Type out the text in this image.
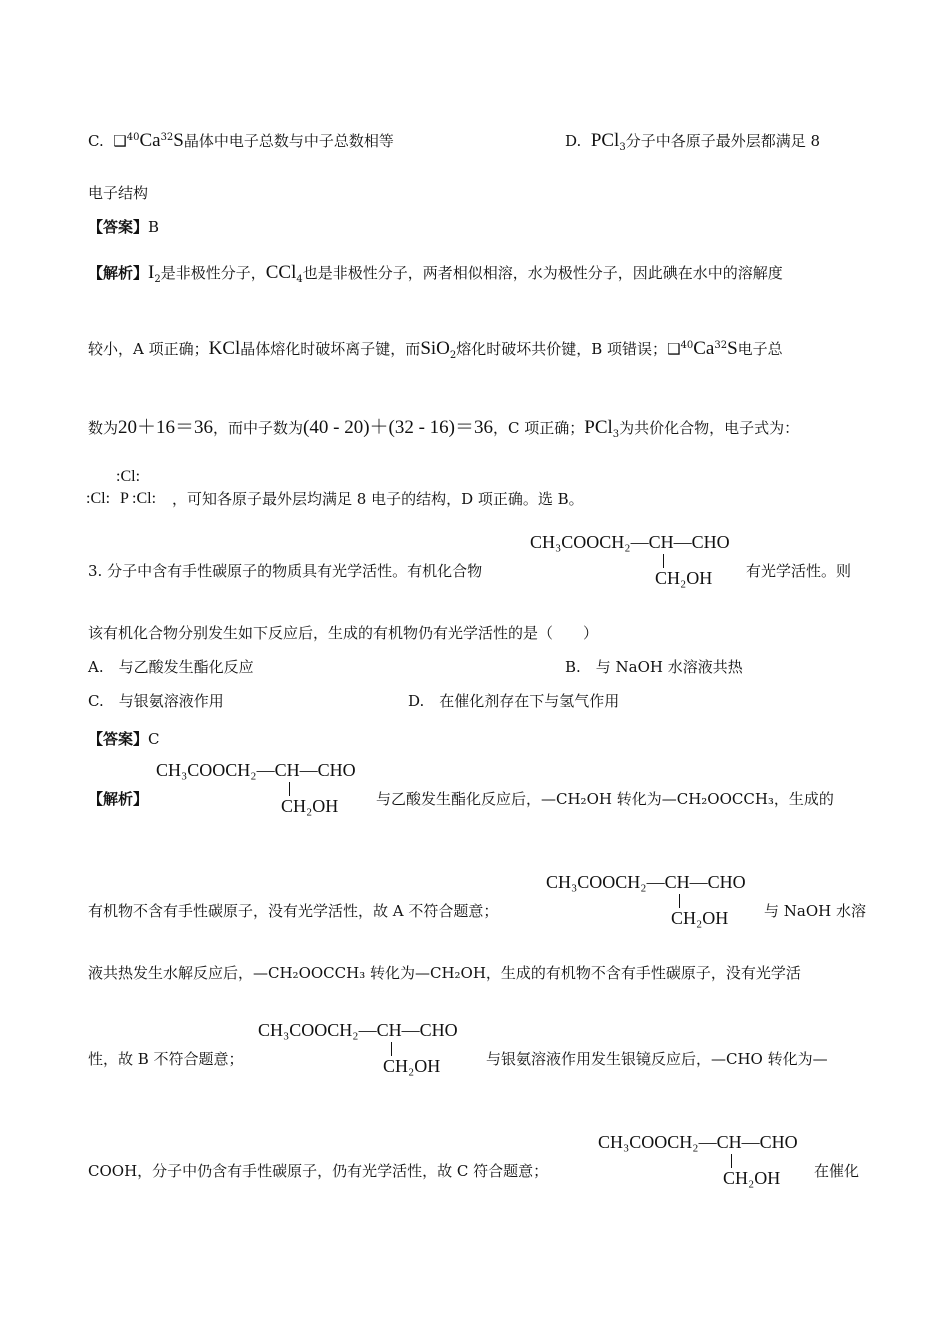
C. ❑$^{40}$Ca$^{32}$S晶体中电子总数与中子总数相等	D. PCl$_3$分子中各原子最外层都满足 8
电子结构
【答案】B
【解析】$I_2$是非极性分子，CCl$_4$也是非极性分子，两者相似相溶，水为极性分子，因此碘在水中的溶解度
较小，A 项正确；KCl晶体熔化时破坏离子键，而SiO$_2$熔化时破坏共价键，B 项错误；❑$^{40}$Ca$^{32}$S电子总
数为20＋16＝36，而中子数为(40 - 20)＋(32 - 16)＝36，C 项正确；PCl$_3$为共价化合物，电子式为：
:Cl:
:Cl: P :Cl: ，可知各原子最外层均满足 8 电子的结构，D 项正确。选 B。
3. 分子中含有手性碳原子的物质具有光学活性。有机化合物
CH₃COOCH₂—CH—CHO
CH₂OH 有光学活性。则
该有机化合物分别发生如下反应后，生成的有机物仍有光学活性的是（　　）
A.　与乙酸发生酯化反应	B.　与 NaOH 水溶液共热
C.　与银氨溶液作用	D.　在催化剂存在下与氢气作用
【答案】C
【解析】
CH₃COOCH₂—CH—CHO
CH₂OH	与乙酸发生酯化反应后，—CH₂OH 转化为—CH₂OOCCH₃，生成的
有机物不含有手性碳原子，没有光学活性，故 A 不符合题意；
CH₃COOCH₂—CH—CHO
CH₂OH 与 NaOH 水溶
液共热发生水解反应后，—CH₂OOCCH₃ 转化为—CH₂OH，生成的有机物不含有手性碳原子，没有光学活
性，故 B 不符合题意；
CH₃COOCH₂—CH—CHO
CH₂OH	与银氨溶液作用发生银镜反应后，—CHO 转化为—
COOH，分子中仍含有手性碳原子，仍有光学活性，故 C 符合题意；
CH₃COOCH₂—CH—CHO
CH₂OH 在催化
